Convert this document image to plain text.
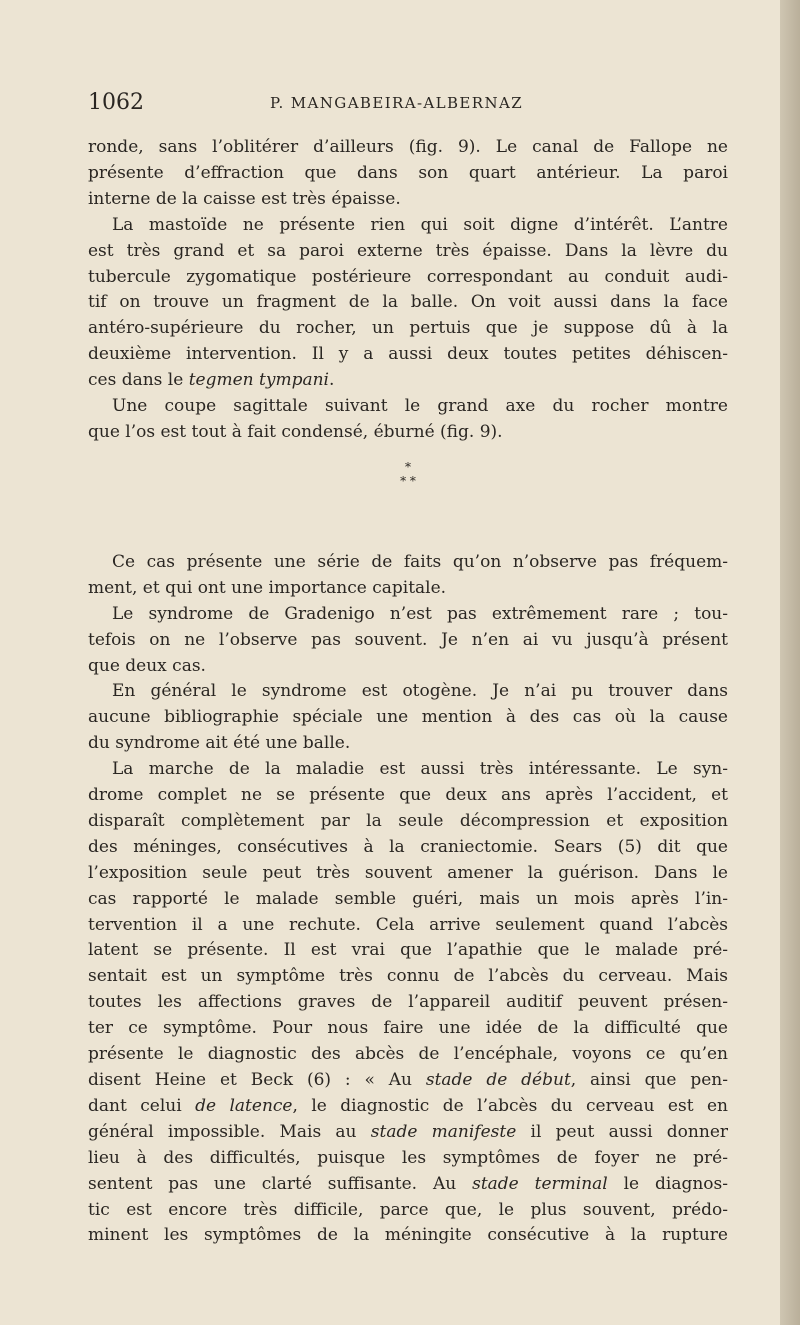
1062	P. MANGABEIRA-ALBERNAZ
ronde, sans l’oblitérer d’ailleurs (fig. 9). Le canal de Fallope ne
présente d’effraction que dans son quart antérieur. La paroi
interne de la caisse est très épaisse.
La mastoïde ne présente rien qui soit digne d’intérêt. L’antre
est très grand et sa paroi externe très épaisse. Dans la lèvre du
tubercule zygomatique postérieure correspondant au conduit audi-
tif on trouve un fragment de la balle. On voit aussi dans la face
antéro-supérieure du rocher, un pertuis que je suppose dû à la
deuxième intervention. Il y a aussi deux toutes petites déhiscen-
ces dans le tegmen tympani.
Une coupe sagittale suivant le grand axe du rocher montre
que l’os est tout à fait condensé, éburné (fig. 9).
*
* *
Ce cas présente une série de faits qu’on n’observe pas fréquem-
ment, et qui ont une importance capitale.
Le syndrome de Gradenigo n’est pas extrêmement rare ; tou-
tefois on ne l’observe pas souvent. Je n’en ai vu jusqu’à présent
que deux cas.
En général le syndrome est otogène. Je n’ai pu trouver dans
aucune bibliographie spéciale une mention à des cas où la cause
du syndrome ait été une balle.
La marche de la maladie est aussi très intéressante. Le syn-
drome complet ne se présente que deux ans après l’accident, et
disparaît complètement par la seule décompression et exposition
des méninges, consécutives à la craniectomie. Sears (5) dit que
l’exposition seule peut très souvent amener la guérison. Dans le
cas rapporté le malade semble guéri, mais un mois après l’in-
tervention il a une rechute. Cela arrive seulement quand l’abcès
latent se présente. Il est vrai que l’apathie que le malade pré-
sentait est un symptôme très connu de l’abcès du cerveau. Mais
toutes les affections graves de l’appareil auditif peuvent présen-
ter ce symptôme. Pour nous faire une idée de la difficulté que
présente le diagnostic des abcès de l’encéphale, voyons ce qu’en
disent Heine et Beck (6) : « Au stade de début, ainsi que pen-
dant celui de latence, le diagnostic de l’abcès du cerveau est en
général impossible. Mais au stade manifeste il peut aussi donner
lieu à des difficultés, puisque les symptômes de foyer ne pré-
sentent pas une clarté suffisante. Au stade terminal le diagnos-
tic est encore très difficile, parce que, le plus souvent, prédo-
minent les symptômes de la méningite consécutive à la rupture
